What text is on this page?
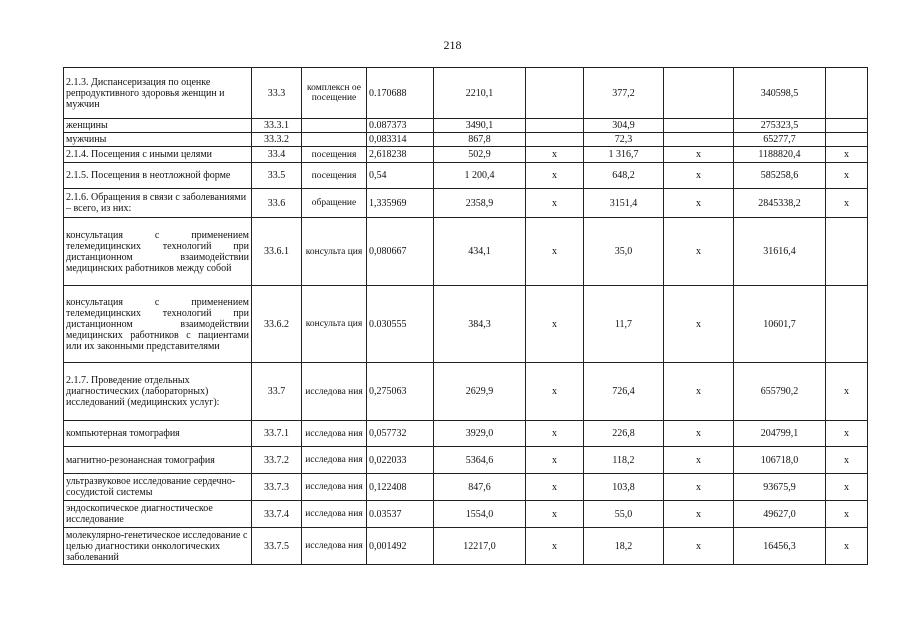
218
2.1.3. Диспансеризация по оценке репродуктивного здоровья женщин и мужчин	33.3	комплексн ое посещение	0.170688	2210,1		377,2		340598,5	
женщины	33.3.1		0.087373	3490,1		304,9		275323,5	
мужчины	33.3.2		0,083314	867,8		72,3		65277,7	
2.1.4. Посещения с иными целями	33.4	посещения	2,618238	502,9	х	1 316,7	х	1188820,4	х
2.1.5. Посещения в неотложной форме	33.5	посещения	0,54	1 200,4	х	648,2	х	585258,6	х
2.1.6. Обращения в связи с заболеваниями – всего, из них:	33.6	обращение	1,335969	2358,9	х	3151,4	х	2845338,2	х
консультация с применением телемедицинских технологий при дистанционном взаимодействии медицинских работников между собой	33.6.1	консульта ция	0,080667	434,1	х	35,0	х	31616,4	
консультация с применением телемедицинских технологий при дистанционном взаимодействии медицинских работников с пациентами или их законными представителями	33.6.2	консульта ция	0.030555	384,3	х	11,7	х	10601,7	
2.1.7. Проведение отдельных диагностических (лабораторных) исследований (медицинских услуг):	33.7	исследова ния	0,275063	2629,9	х	726,4	х	655790,2	х
компьютерная томография	33.7.1	исследова ния	0,057732	3929,0	х	226,8	х	204799,1	х
магнитно-резонансная томография	33.7.2	исследова ния	0,022033	5364,6	х	118,2	х	106718,0	х
ультразвуковое исследование сердечно-сосудистой системы	33.7.3	исследова ния	0,122408	847,6	х	103,8	х	93675,9	х
эндоскопическое диагностическое исследование	33.7.4	исследова ния	0.03537	1554,0	х	55,0	х	49627,0	х
молекулярно-генетическое исследование с целью диагностики онкологических заболеваний	33.7.5	исследова ния	0,001492	12217,0	х	18,2	х	16456,3	х
